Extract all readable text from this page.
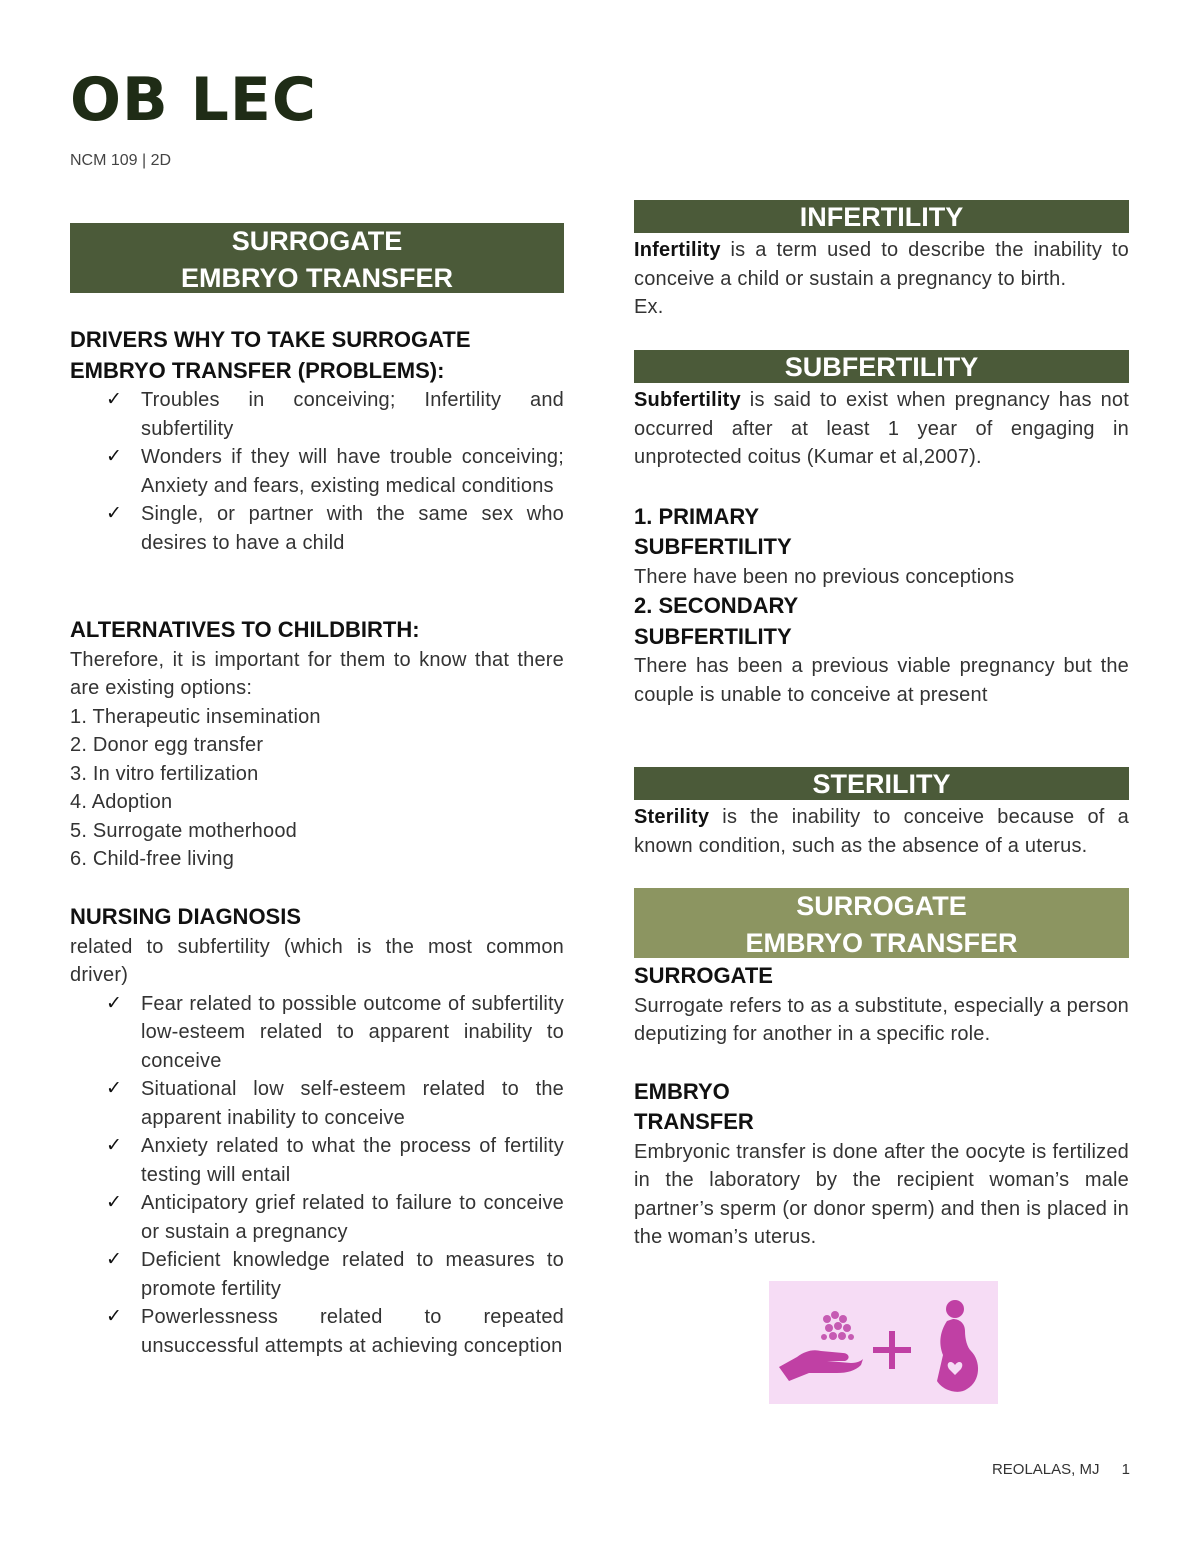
OB LEC
NCM 109 | 2D
SURROGATE
EMBRYO TRANSFER
DRIVERS WHY TO TAKE SURROGATE
EMBRYO TRANSFER (PROBLEMS):
✓ Troubles in conceiving; Infertility and subfertility
✓ Wonders if they will have trouble conceiving; Anxiety and fears, existing medical conditions
✓ Single, or partner with the same sex who desires to have a child
ALTERNATIVES TO CHILDBIRTH:

Therefore, it is important for them to know that there are existing options:

1. Therapeutic insemination

2. Donor egg transfer

3. In vitro fertilization

4. Adoption

5. Surrogate motherhood

6. Child-free living

NURSING DIAGNOSIS

related to subfertility (which is the most common driver)

✓ Fear related to possible outcome of subfertility low-esteem related to apparent inability to conceive
✓ Situational low self-esteem related to the apparent inability to conceive
✓ Anxiety related to what the process of fertility testing will entail
✓ Anticipatory grief related to failure to conceive or sustain a pregnancy
✓ Deficient knowledge related to measures to promote fertility
✓ Powerlessness related to repeated unsuccessful attempts at achieving conception
INFERTILITY

Infertility is a term used to describe the inability to conceive a child or sustain a pregnancy to birth.

Ex.

SUBFERTILITY

Subfertility is said to exist when pregnancy has not occurred after at least 1 year of engaging in unprotected coitus (Kumar et al,2007).

1. PRIMARY
SUBFERTILITY

There have been no previous conceptions

2. SECONDARY
SUBFERTILITY

There has been a previous viable pregnancy but the couple is unable to conceive at present

STERILITY

Sterility is the inability to conceive because of a known condition, such as the absence of a uterus.

SURROGATE
EMBRYO TRANSFER
SURROGATE

Surrogate refers to as a substitute, especially a person deputizing for another in a specific role.

EMBRYO
TRANSFER

Embryonic transfer is done after the oocyte is fertilized in the laboratory by the recipient woman’s male partner’s sperm (or donor sperm) and then is placed in the woman’s uterus.

REOLALAS, MJ 1
